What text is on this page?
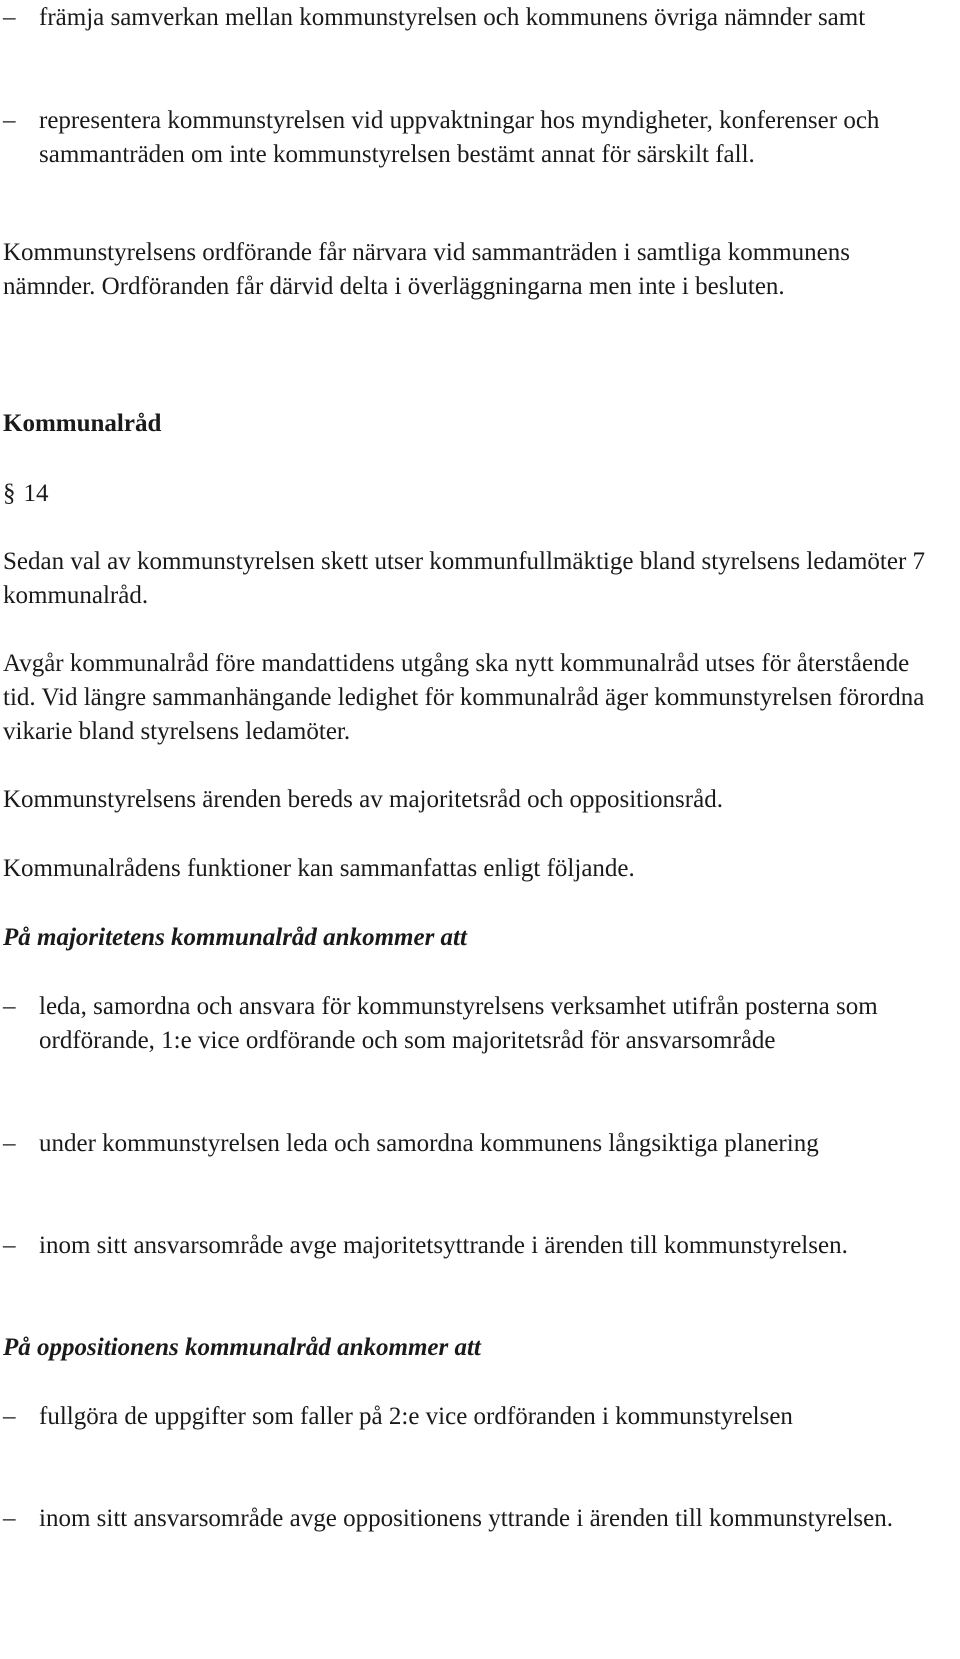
– främja samverkan mellan kommunstyrelsen och kommunens övriga nämnder samt
– representera kommunstyrelsen vid uppvaktningar hos myndigheter, konferenser och sammanträden om inte kommunstyrelsen bestämt annat för särskilt fall.

Kommunstyrelsens ordförande får närvara vid sammanträden i samtliga kommunens nämnder. Ordföranden får därvid delta i överläggningarna men inte i besluten.

Kommunalråd
§ 14

Sedan val av kommunstyrelsen skett utser kommunfullmäktige bland styrelsens ledamöter 7 kommunalråd.

Avgår kommunalråd före mandattidens utgång ska nytt kommunalråd utses för återstående tid. Vid längre sammanhängande ledighet för kommunalråd äger kommunstyrelsen förordna vikarie bland styrelsens ledamöter.

Kommunstyrelsens ärenden bereds av majoritetsråd och oppositionsråd.

Kommunalrådens funktioner kan sammanfattas enligt följande.

På majoritetens kommunalråd ankommer att
– leda, samordna och ansvara för kommunstyrelsens verksamhet utifrån posterna som ordförande, 1:e vice ordförande och som majoritetsråd för ansvarsområde
– under kommunstyrelsen leda och samordna kommunens långsiktiga planering
– inom sitt ansvarsområde avge majoritetsyttrande i ärenden till kommunstyrelsen.
På oppositionens kommunalråd ankommer att
– fullgöra de uppgifter som faller på 2:e vice ordföranden i kommunstyrelsen
– inom sitt ansvarsområde avge oppositionens yttrande i ärenden till kommunstyrelsen.
